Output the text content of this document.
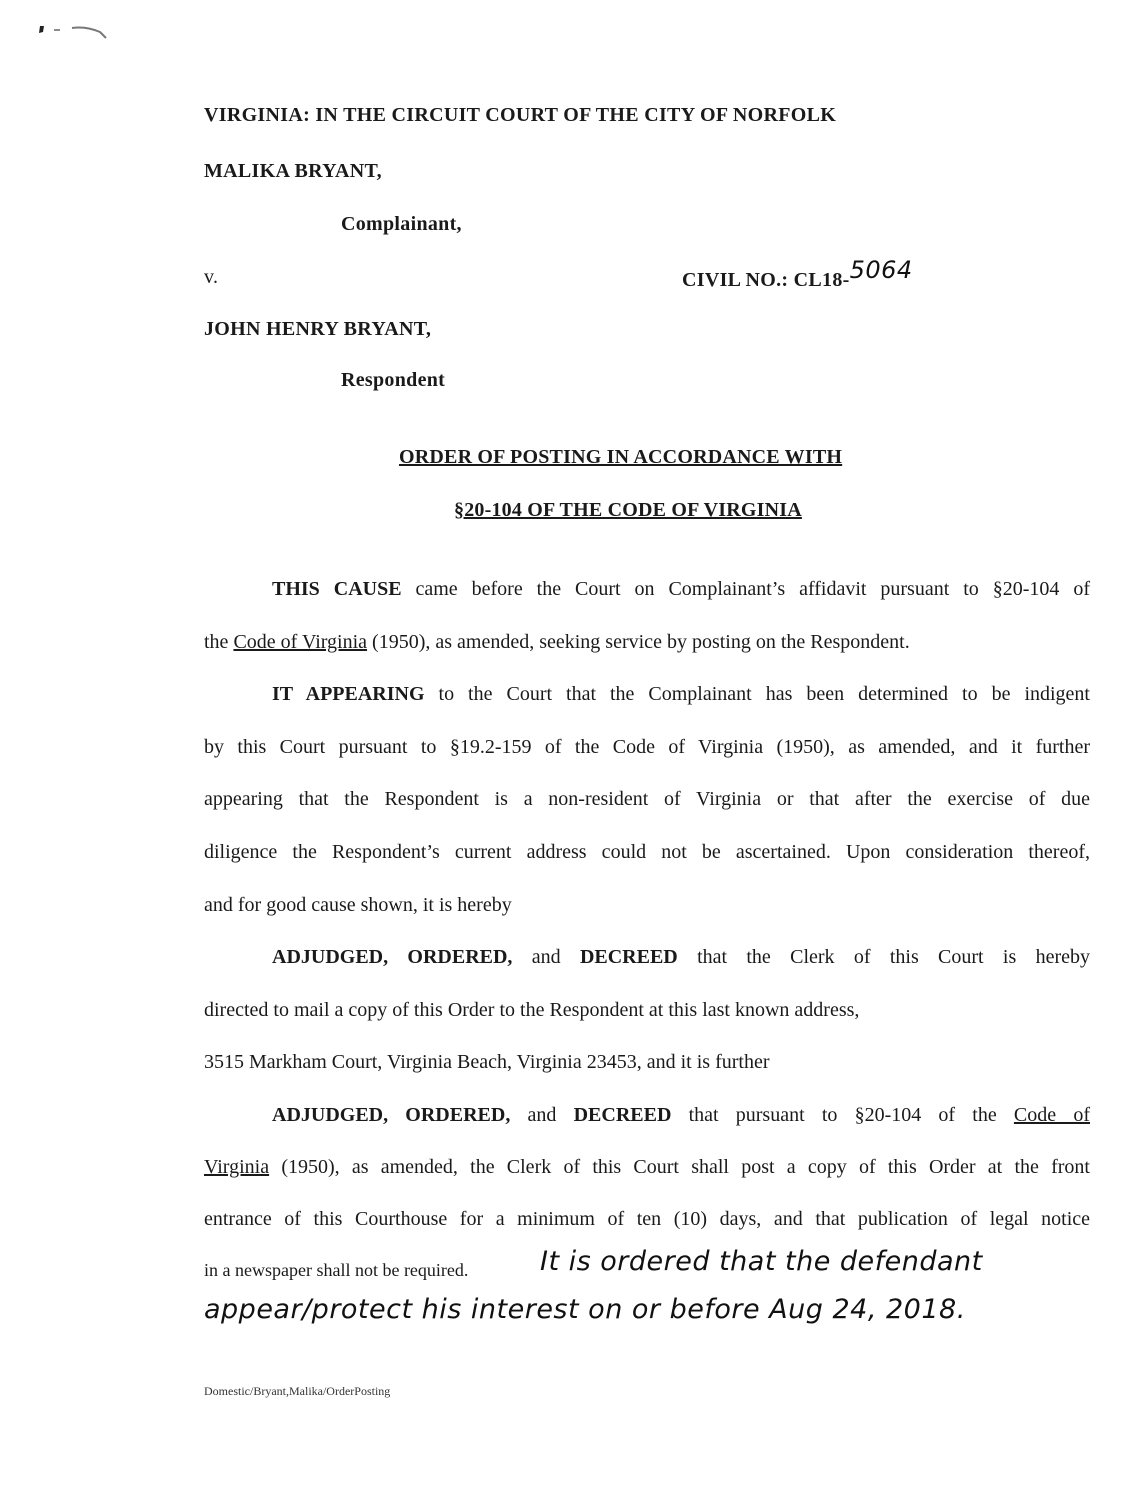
VIRGINIA: IN THE CIRCUIT COURT OF THE CITY OF NORFOLK
MALIKA BRYANT,
Complainant,
v.	CIVIL NO.: CL18-5064
JOHN HENRY BRYANT,
Respondent
ORDER OF POSTING IN ACCORDANCE WITH
§20-104 OF THE CODE OF VIRGINIA
THIS CAUSE came before the Court on Complainant’s affidavit pursuant to §20-104 of
the Code of Virginia (1950), as amended, seeking service by posting on the Respondent.
IT APPEARING to the Court that the Complainant has been determined to be indigent
by this Court pursuant to §19.2-159 of the Code of Virginia (1950), as amended, and it further
appearing that the Respondent is a non-resident of Virginia or that after the exercise of due
diligence the Respondent’s current address could not be ascertained. Upon consideration thereof,
and for good cause shown, it is hereby
ADJUDGED, ORDERED, and DECREED that the Clerk of this Court is hereby
directed to mail a copy of this Order to the Respondent at this last known address,
3515 Markham Court, Virginia Beach, Virginia 23453, and it is further
ADJUDGED, ORDERED, and DECREED that pursuant to §20-104 of the Code of
Virginia (1950), as amended, the Clerk of this Court shall post a copy of this Order at the front
entrance of this Courthouse for a minimum of ten (10) days, and that publication of legal notice
in a newspaper shall not be required.	It is ordered that the defendant
appear/protect his interest on or before Aug 24, 2018.
Domestic/Bryant,Malika/OrderPosting
